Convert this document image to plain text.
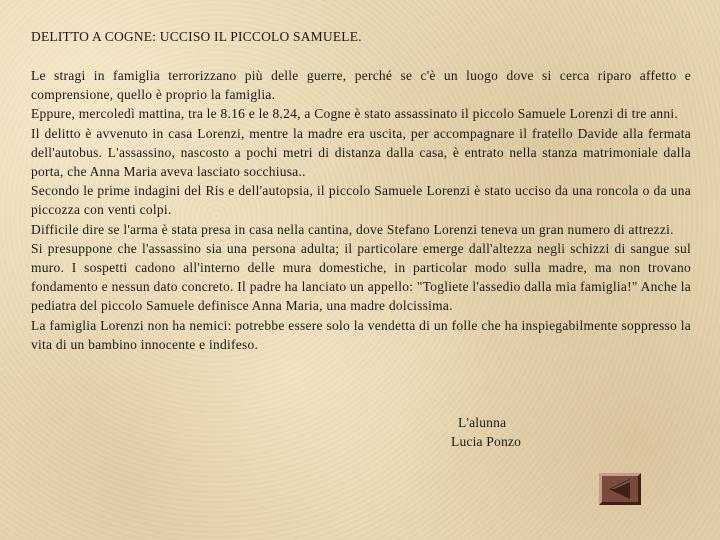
DELITTO A COGNE: UCCISO IL PICCOLO SAMUELE.

Le stragi in famiglia terrorizzano più delle guerre, perché se c'è un luogo dove si cerca riparo affetto e comprensione, quello è proprio la famiglia.

Eppure, mercoledì mattina, tra le 8.16 e le 8.24, a Cogne è stato assassinato il piccolo Samuele Lorenzi di tre anni.

Il delitto è avvenuto in casa Lorenzi, mentre la madre era uscita, per accompagnare il fratello Davide alla fermata dell'autobus. L'assassino, nascosto a pochi metri di distanza dalla casa, è entrato nella stanza matrimoniale dalla porta, che Anna Maria aveva lasciato socchiusa..

Secondo le prime indagini del Ris e dell'autopsia, il piccolo Samuele Lorenzi è stato ucciso da una roncola o da una piccozza con venti colpi.

Difficile dire se l'arma è stata presa in casa nella cantina, dove Stefano Lorenzi teneva un gran numero di attrezzi.

Si presuppone che l'assassino sia una persona adulta; il particolare emerge dall'altezza negli schizzi di sangue sul muro. I sospetti cadono all'interno delle mura domestiche, in particolar modo sulla madre, ma non trovano fondamento e nessun dato concreto. Il padre ha lanciato un appello: "Togliete l'assedio dalla mia famiglia!" Anche la pediatra del piccolo Samuele definisce Anna Maria, una madre dolcissima.

La famiglia Lorenzi non ha nemici: potrebbe essere solo la vendetta di un folle che ha inspiegabilmente soppresso la vita di un bambino innocente e indifeso.

L'alunna
Lucia Ponzo
